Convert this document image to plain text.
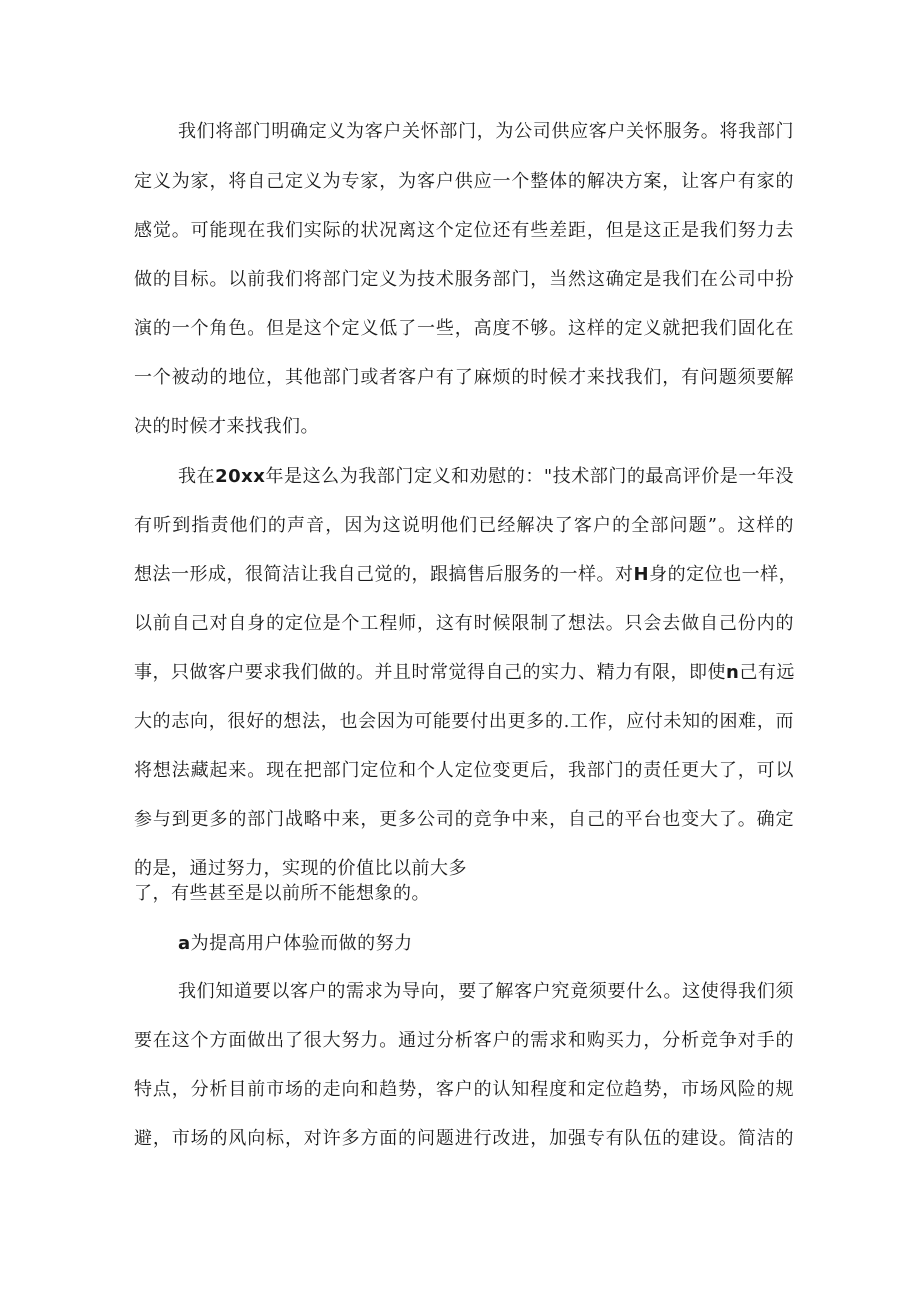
我们将部门明确定义为客户关怀部门，为公司供应客户关怀服务。将我部门
定义为家，将自己定义为专家，为客户供应一个整体的解决方案，让客户有家的
感觉。可能现在我们实际的状况离这个定位还有些差距，但是这正是我们努力去
做的目标。以前我们将部门定义为技术服务部门，当然这确定是我们在公司中扮
演的一个角色。但是这个定义低了一些，高度不够。这样的定义就把我们固化在
一个被动的地位，其他部门或者客户有了麻烦的时候才来找我们，有问题须要解
决的时候才来找我们。
我在20xx年是这么为我部门定义和劝慰的："技术部门的最高评价是一年没
有听到指责他们的声音，因为这说明他们已经解决了客户的全部问题”。这样的
想法一形成，很简洁让我自己觉的，跟搞售后服务的一样。对H身的定位也一样，
以前自己对自身的定位是个工程师，这有时候限制了想法。只会去做自己份内的
事，只做客户要求我们做的。并且时常觉得自己的实力、精力有限，即使n己有远
大的志向，很好的想法，也会因为可能要付出更多的.工作，应付未知的困难，而
将想法藏起来。现在把部门定位和个人定位变更后，我部门的责任更大了，可以
参与到更多的部门战略中来，更多公司的竞争中来，自己的平台也变大了。确定
的是，通过努力，实现的价值比以前大多
了，有些甚至是以前所不能想象的。
a为提高用户体验而做的努力
我们知道要以客户的需求为导向，要了解客户究竟须要什么。这使得我们须
要在这个方面做出了很大努力。通过分析客户的需求和购买力，分析竞争对手的
特点，分析目前市场的走向和趋势，客户的认知程度和定位趋势，市场风险的规
避，市场的风向标，对许多方面的问题进行改进，加强专有队伍的建设。简洁的
